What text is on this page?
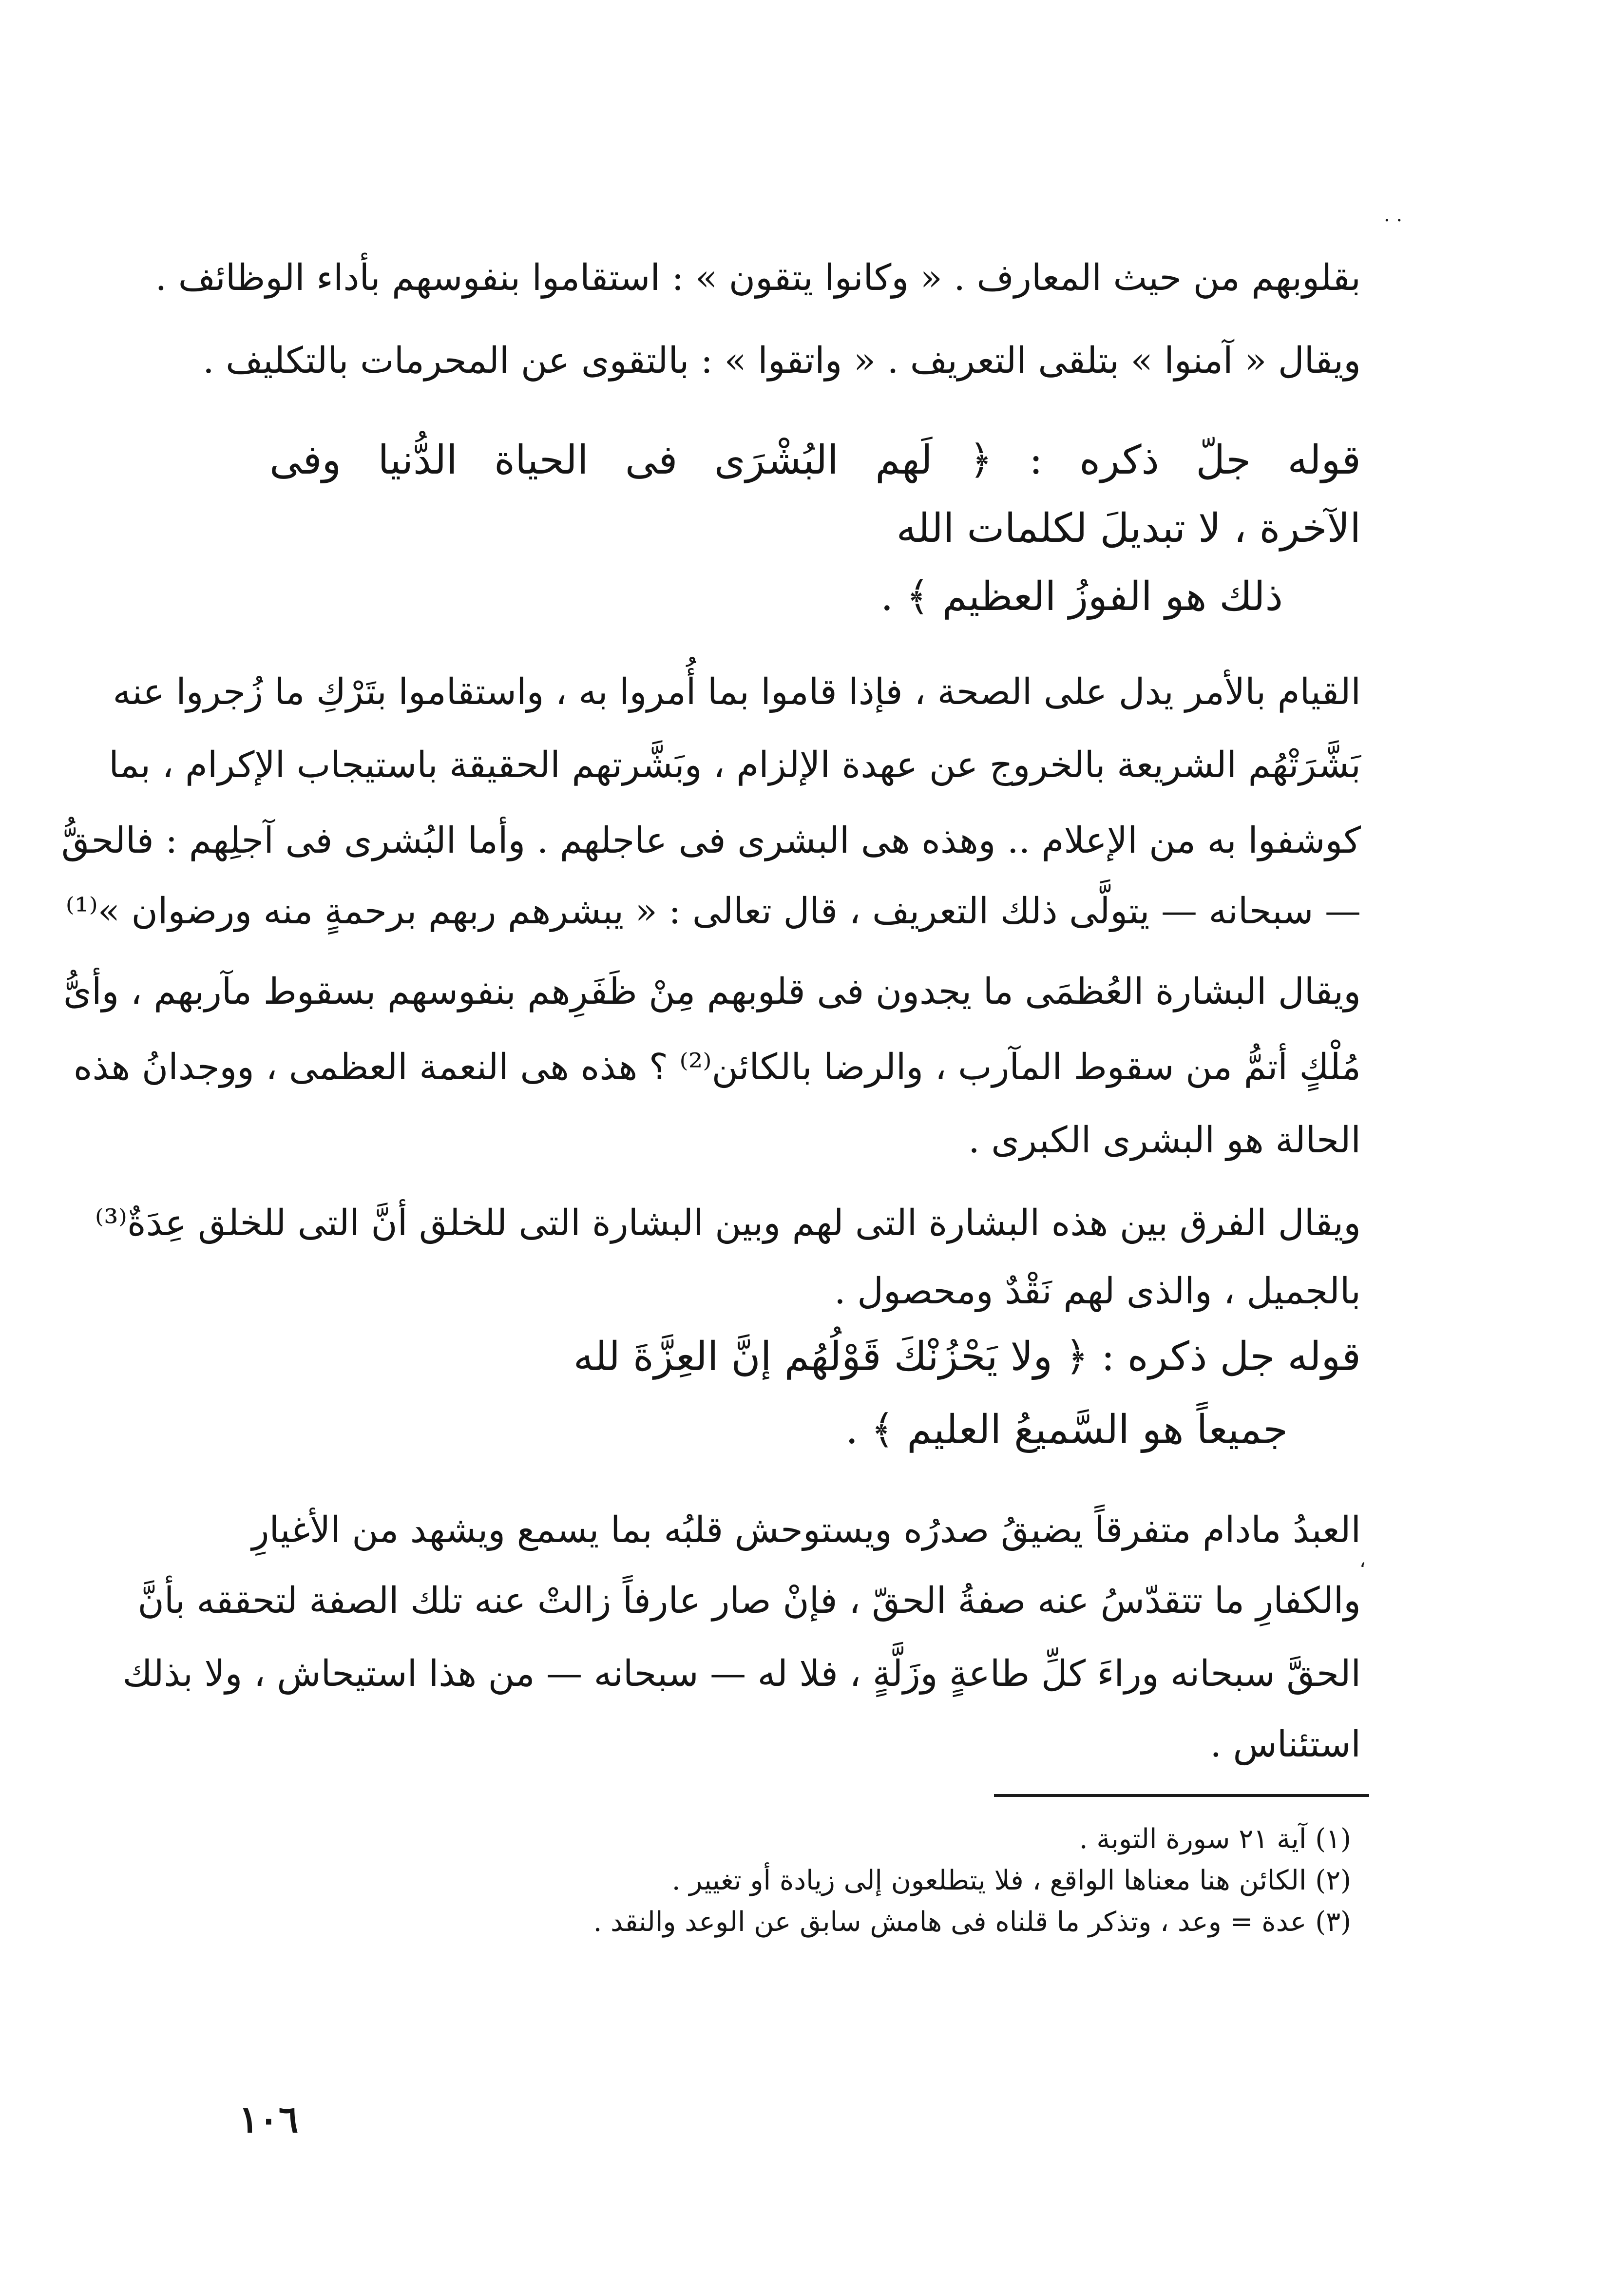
· ·
بقلوبهم من حيث المعارف . « وكانوا يتقون » : استقاموا بنفوسهم بأداء الوظائف .
ويقال « آمنوا » بتلقى التعريف . « واتقوا » : بالتقوى عن المحرمات بالتكليف .
قوله جلّ ذكره : ﴿ لَهم البُشْرَى فى الحياة الدُّنيا وفى
الآخرة ، لا تبديلَ لكلمات الله
ذلك هو الفوزُ العظيم ﴾ .
القيام بالأمر يدل على الصحة ، فإذا قاموا بما أُمروا به ، واستقاموا بتَرْكِ ما زُجروا عنه
بَشَّرَتْهُم الشريعة بالخروج عن عهدة الإلزام ، وبَشَّرتهم الحقيقة باستيجاب الإكرام ، بما
كوشفوا به من الإعلام .. وهذه هى البشرى فى عاجلهم . وأما البُشرى فى آجلِهم : فالحقُّ
— سبحانه — يتولَّى ذلك التعريف ، قال تعالى : « يبشرهم ربهم برحمةٍ منه ورضوان »⁽¹⁾
ويقال البشارة العُظمَى ما يجدون فى قلوبهم مِنْ ظَفَرِهم بنفوسهم بسقوط مآربهم ، وأىُّ
مُلْكٍ أتمُّ من سقوط المآرب ، والرضا بالكائن⁽²⁾ ؟ هذه هى النعمة العظمى ، ووجدانُ هذه
الحالة هو البشرى الكبرى .
ويقال الفرق بين هذه البشارة التى لهم وبين البشارة التى للخلق أنَّ التى للخلق عِدَةٌ⁽³⁾
بالجميل ، والذى لهم نَقْدٌ ومحصول .
قوله جل ذكره : ﴿ ولا يَحْزُنْكَ قَوْلُهُم إنَّ العِزَّةَ لله
جميعاً هو السَّميعُ العليم ﴾ .
،
العبدُ مادام متفرقاً يضيقُ صدرُه ويستوحش قلبُه بما يسمع ويشهد من الأغيارِ
والكفارِ ما تتقدّسُ عنه صفةُ الحقّ ، فإنْ صار عارفاً زالتْ عنه تلك الصفة لتحققه بأنَّ
الحقَّ سبحانه وراءَ كلِّ طاعةٍ وزَلَّةٍ ، فلا له — سبحانه — من هذا استيحاش ، ولا بذلك
استئناس .
(١) آية ٢١ سورة التوبة .
(٢) الكائن هنا معناها الواقع ، فلا يتطلعون إلى زيادة أو تغيير .
(٣) عدة = وعد ، وتذكر ما قلناه فى هامش سابق عن الوعد والنقد .
١٠٦
